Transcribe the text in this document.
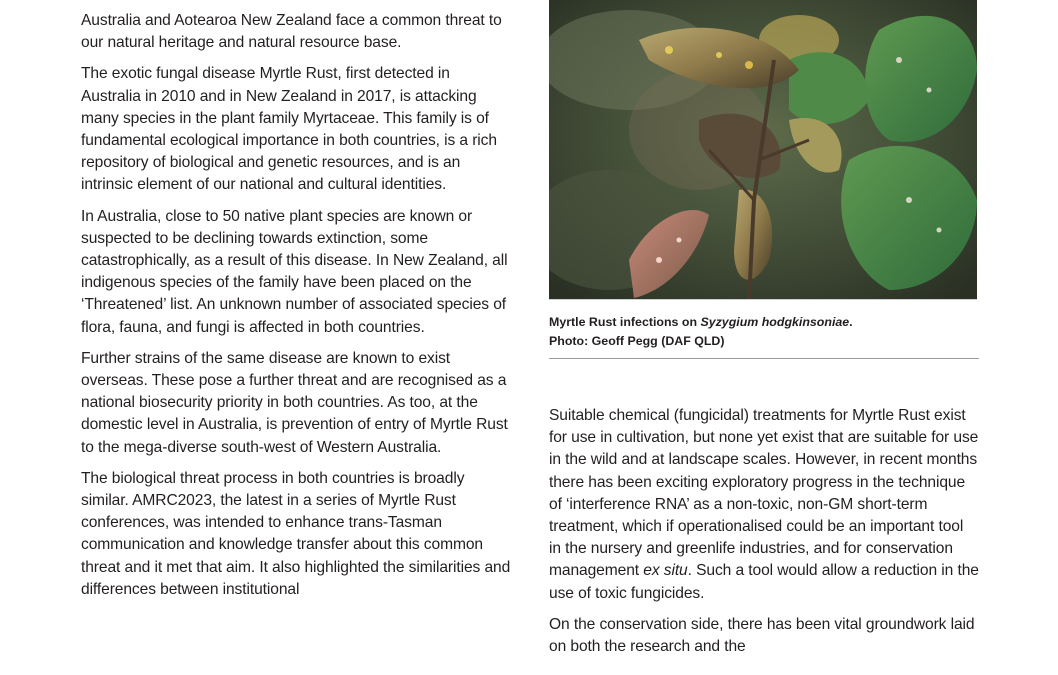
Australia and Aotearoa New Zealand face a common threat to our natural heritage and natural resource base.

The exotic fungal disease Myrtle Rust, first detected in Australia in 2010 and in New Zealand in 2017, is attacking many species in the plant family Myrtaceae. This family is of fundamental ecological importance in both countries, is a rich repository of biological and genetic resources, and is an intrinsic element of our national and cultural identities.

In Australia, close to 50 native plant species are known or suspected to be declining towards extinction, some catastrophically, as a result of this disease. In New Zealand, all indigenous species of the family have been placed on the ‘Threatened’ list. An unknown number of associated species of flora, fauna, and fungi is affected in both countries.

Further strains of the same disease are known to exist overseas. These pose a further threat and are recognised as a national biosecurity priority in both countries. As too, at the domestic level in Australia, is prevention of entry of Myrtle Rust to the mega-diverse south-west of Western Australia.

The biological threat process in both countries is broadly similar. AMRC2023, the latest in a series of Myrtle Rust conferences, was intended to enhance trans-Tasman communication and knowledge transfer about this common threat and it met that aim. It also highlighted the similarities and differences between institutional

Myrtle Rust infections on Syzygium hodgkinsoniae.
Photo: Geoff Pegg (DAF QLD)

Suitable chemical (fungicidal) treatments for Myrtle Rust exist for use in cultivation, but none yet exist that are suitable for use in the wild and at landscape scales. However, in recent months there has been exciting exploratory progress in the technique of ‘interference RNA’ as a non-toxic, non-GM short-term treatment, which if operationalised could be an important tool in the nursery and greenlife industries, and for conservation management ex situ. Such a tool would allow a reduction in the use of toxic fungicides.

On the conservation side, there has been vital groundwork laid on both the research and the
